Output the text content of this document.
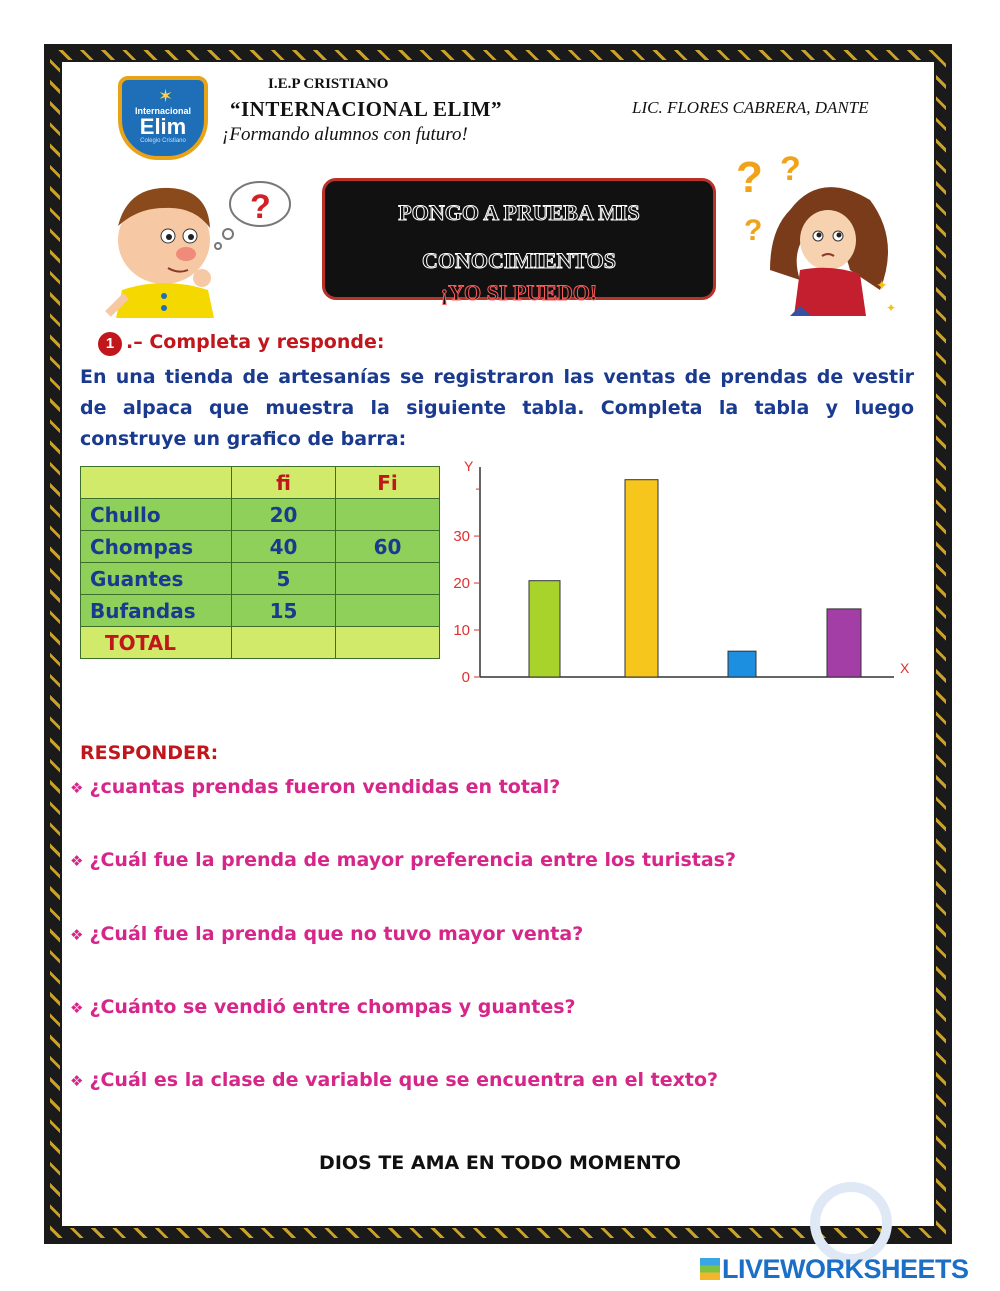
✶
Internacional
Elim
Colegio Cristiano
I.E.P CRISTIANO
“INTERNACIONAL ELIM”
¡Formando alumnos con futuro!
LIC. FLORES CABRERA, DANTE
?	PONGO A PRUEBA MIS
CONOCIMIENTOS
¡YO SI PUEDO!
? ?
?
✦
✦
1 .– Completa y responde:
En una tienda de artesanías se registraron las ventas de prendas de vestir de alpaca que muestra la siguiente tabla. Completa la tabla y luego construye un grafico de barra:
	fi	Fi
Chullo	20	
Chompas	40	60
Guantes	5	
Bufandas	15	
TOTAL		
Y
X
0
10
20
30
RESPONDER:
❖ ¿cuantas prendas fueron vendidas en total?
❖ ¿Cuál fue la prenda de mayor preferencia entre los turistas?
❖ ¿Cuál fue la prenda que no tuvo mayor venta?
❖ ¿Cuánto se vendió entre chompas y guantes?
❖ ¿Cuál es la clase de variable que se encuentra en el texto?
DIOS TE AMA EN TODO MOMENTO
LIVEWORKSHEETS
